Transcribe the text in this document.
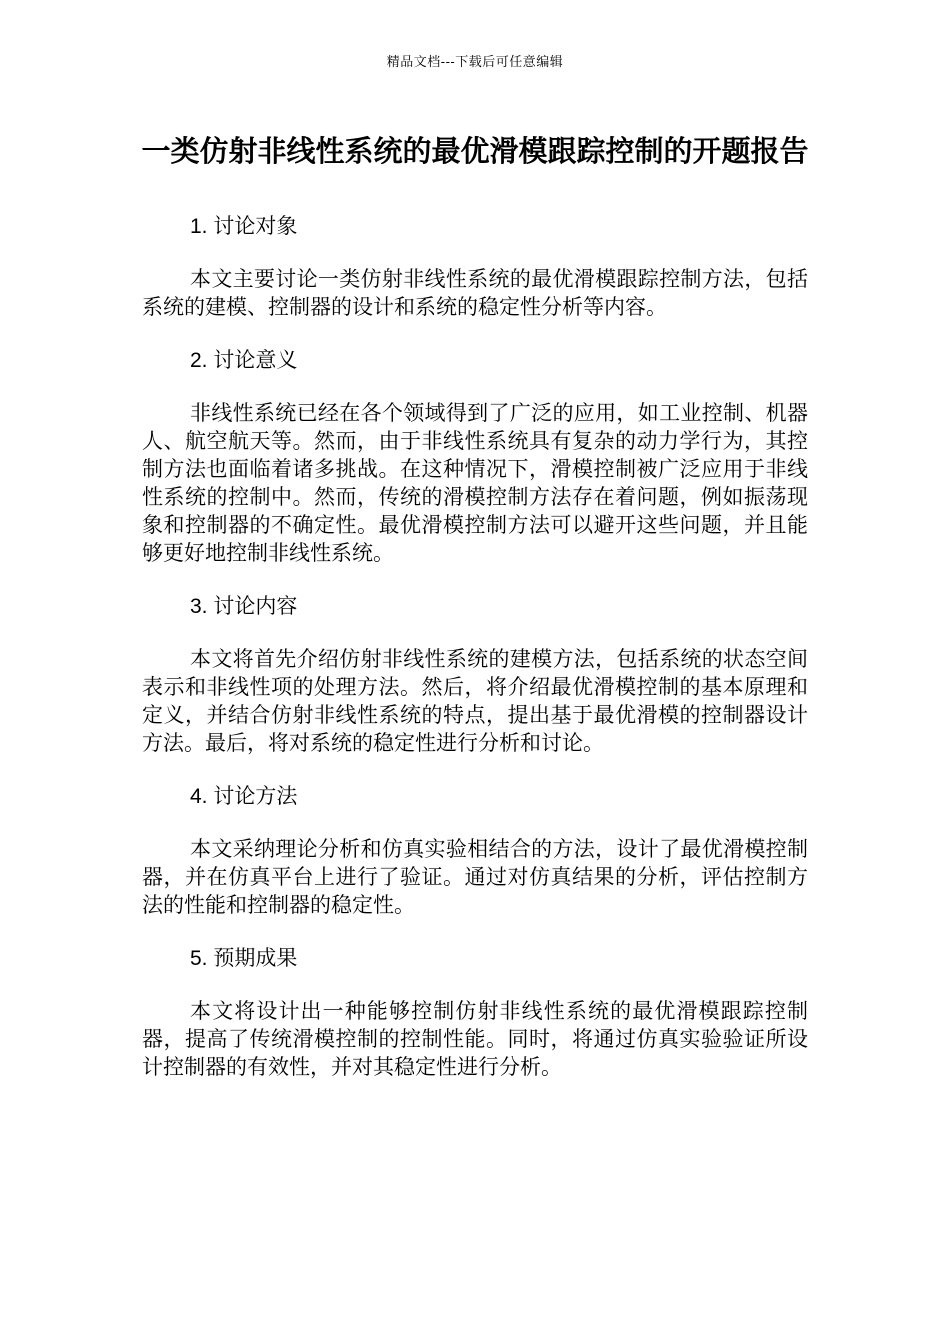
精品文档---下载后可任意编辑
一类仿射非线性系统的最优滑模跟踪控制的开题报告
1. 讨论对象

本文主要讨论一类仿射非线性系统的最优滑模跟踪控制方法，包括系统的建模、控制器的设计和系统的稳定性分析等内容。

2. 讨论意义

非线性系统已经在各个领域得到了广泛的应用，如工业控制、机器人、航空航天等。然而，由于非线性系统具有复杂的动力学行为，其控制方法也面临着诸多挑战。在这种情况下，滑模控制被广泛应用于非线性系统的控制中。然而，传统的滑模控制方法存在着问题，例如振荡现象和控制器的不确定性。最优滑模控制方法可以避开这些问题，并且能够更好地控制非线性系统。

3. 讨论内容

本文将首先介绍仿射非线性系统的建模方法，包括系统的状态空间表示和非线性项的处理方法。然后，将介绍最优滑模控制的基本原理和定义，并结合仿射非线性系统的特点，提出基于最优滑模的控制器设计方法。最后，将对系统的稳定性进行分析和讨论。

4. 讨论方法

本文采纳理论分析和仿真实验相结合的方法，设计了最优滑模控制器，并在仿真平台上进行了验证。通过对仿真结果的分析，评估控制方法的性能和控制器的稳定性。

5. 预期成果

本文将设计出一种能够控制仿射非线性系统的最优滑模跟踪控制器，提高了传统滑模控制的控制性能。同时，将通过仿真实验验证所设计控制器的有效性，并对其稳定性进行分析。
